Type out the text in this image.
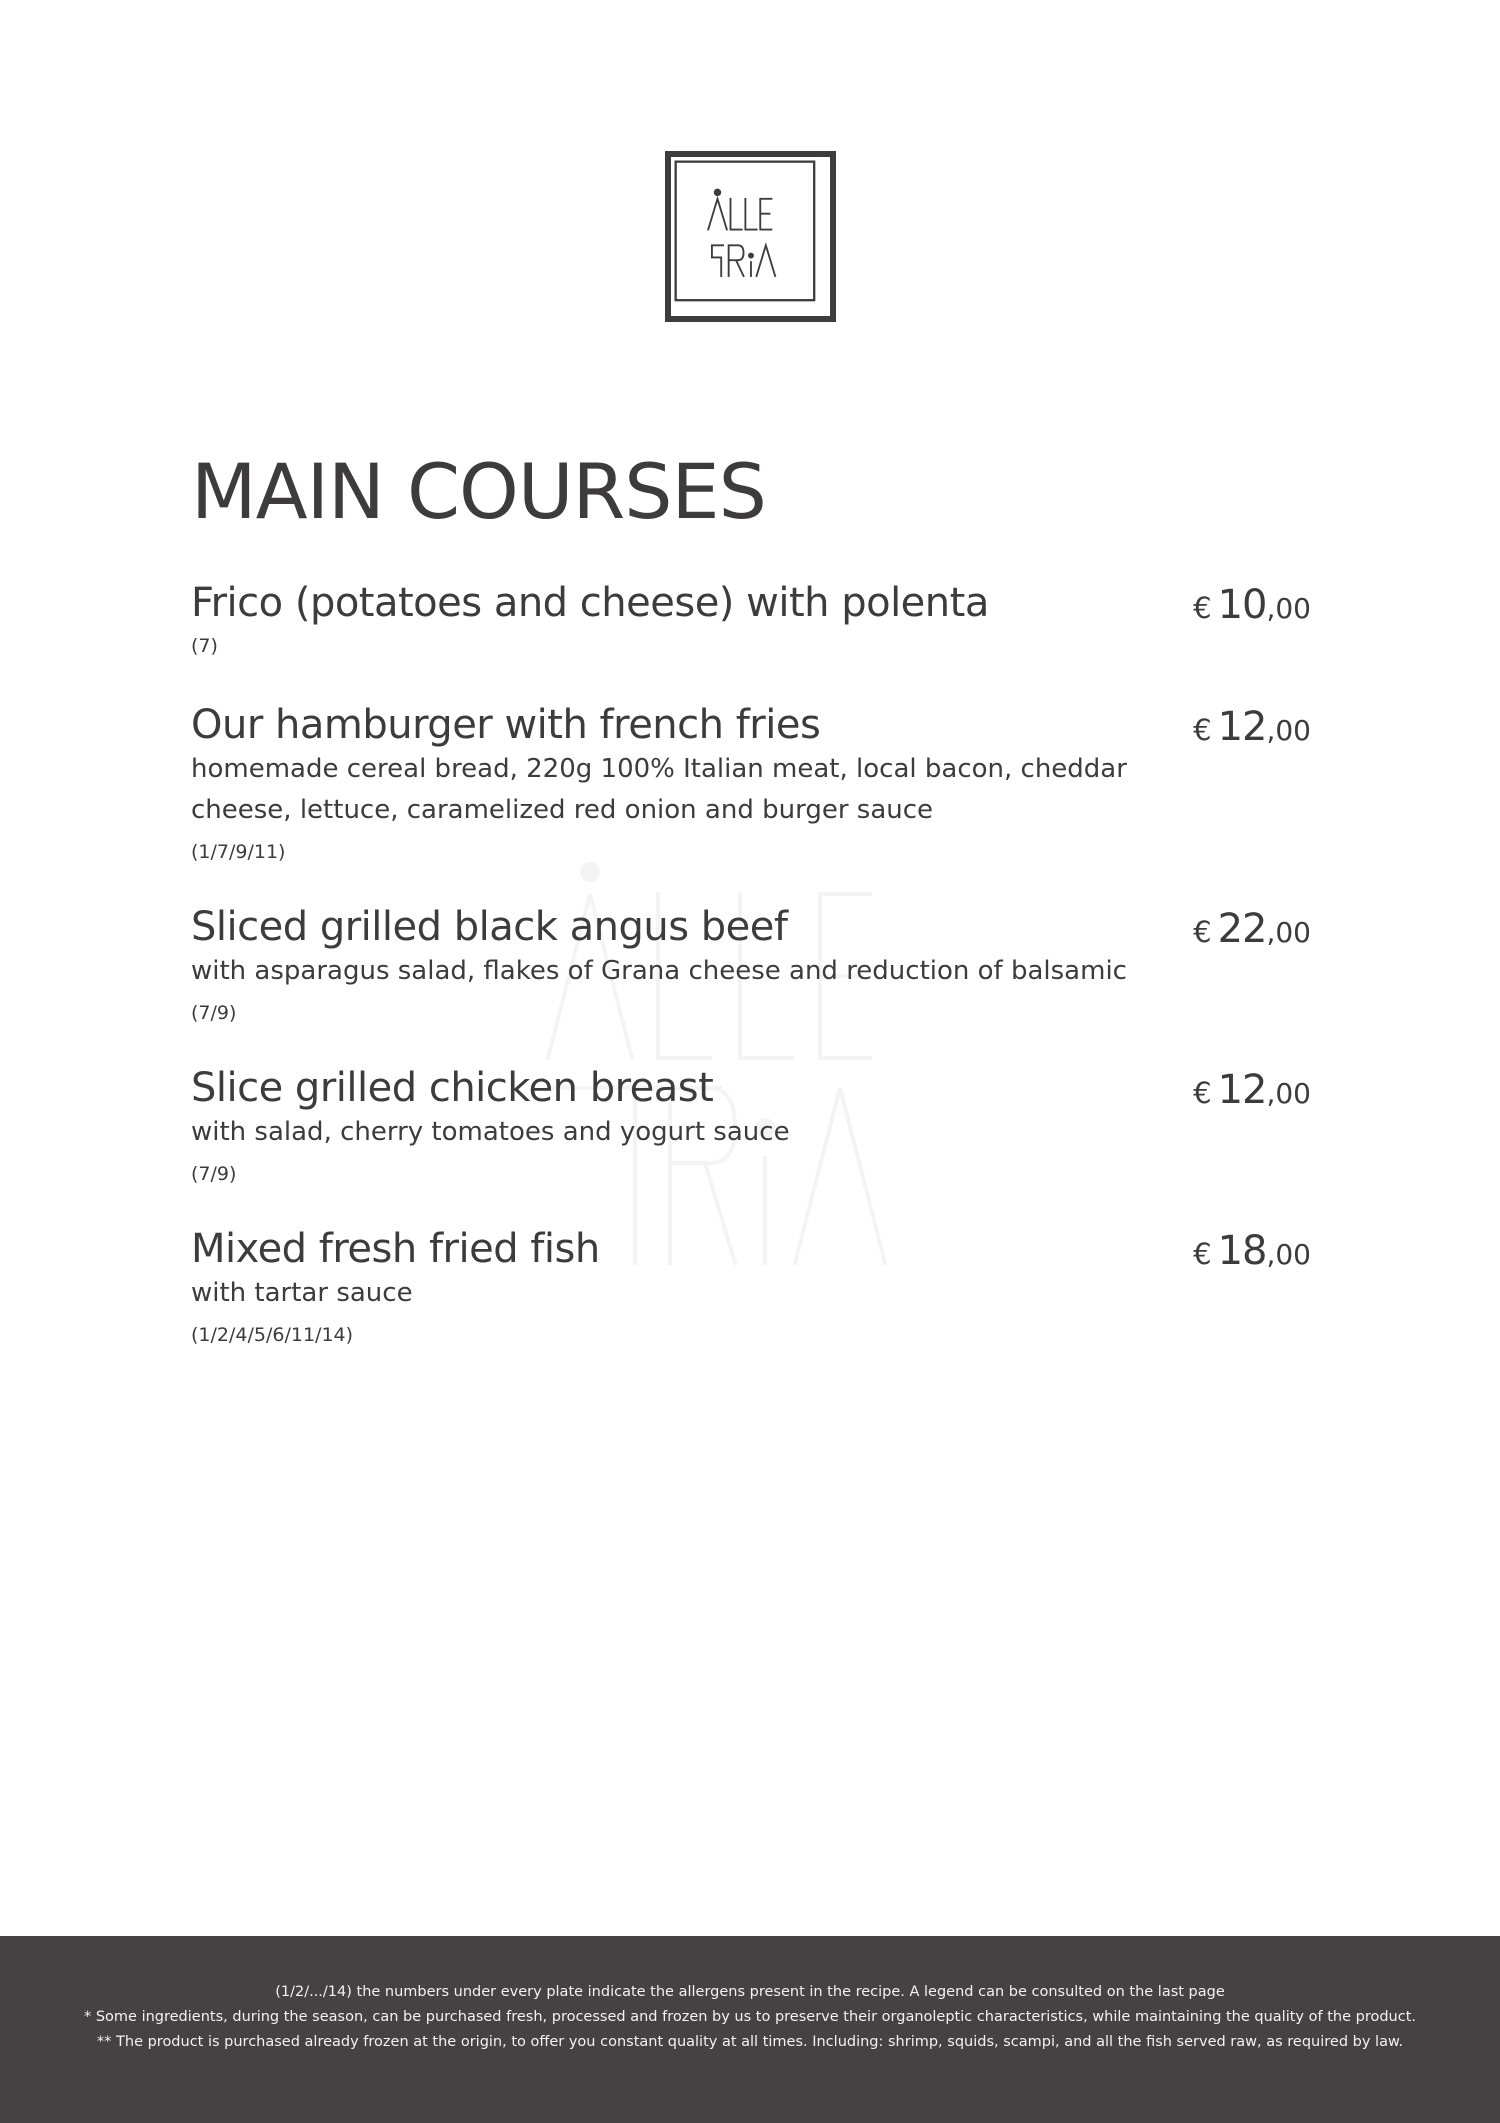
MAIN COURSES
Frico (potatoes and cheese) with polenta
(7)
€ 10,00
Our hamburger with french fries
homemade cereal bread, 220g 100% Italian meat, local bacon, cheddar cheese, lettuce, caramelized red onion and burger sauce
(1/7/9/11)
€ 12,00
Sliced grilled black angus beef
with asparagus salad, flakes of Grana cheese and reduction of balsamic
(7/9)
€ 22,00
Slice grilled chicken breast
with salad, cherry tomatoes and yogurt sauce
(7/9)
€ 12,00
Mixed fresh fried fish
with tartar sauce
(1/2/4/5/6/11/14)
€ 18,00

(1/2/.../14) the numbers under every plate indicate the allergens present in the recipe. A legend can be consulted on the last page

* Some ingredients, during the season, can be purchased fresh, processed and frozen by us to preserve their organoleptic characteristics, while maintaining the quality of the product.

** The product is purchased already frozen at the origin, to offer you constant quality at all times. Including: shrimp, squids, scampi, and all the fish served raw, as required by law.
